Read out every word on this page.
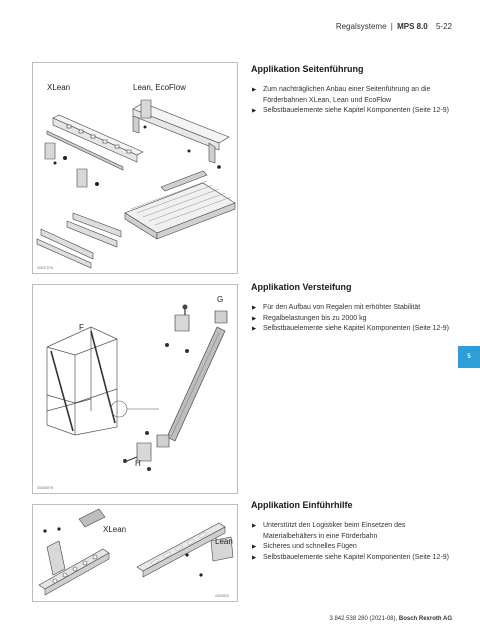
Regalsysteme | MPS 8.0 5-22
XLean	Lean, EcoFlow
0053757N
G
F
H
0053897N
XLean
Lean
0054820
Applikation Seitenführung
▶ Zum nachträglichen Anbau einer Seitenführung an die Förderbahnen XLean, Lean und EcoFlow
▶ Selbstbauelemente siehe Kapitel Komponenten (Seite 12-9)
Applikation Versteifung
▶ Für den Aufbau von Regalen mit erhöhter Stabilität
▶ Regalbelastungen bis zu 2000 kg
▶ Selbstbauelemente siehe Kapitel Komponenten (Seite 12-9)
Applikation Einführhilfe
▶ Unterstützt den Logistiker beim Einsetzen des Materialbehälters in eine Förderbahn
▶ Sicheres und schnelles Fügen
▶ Selbstbauelemente siehe Kapitel Komponenten (Seite 12-9)
5
3 842 538 280 (2021-08), Bosch Rexroth AG
